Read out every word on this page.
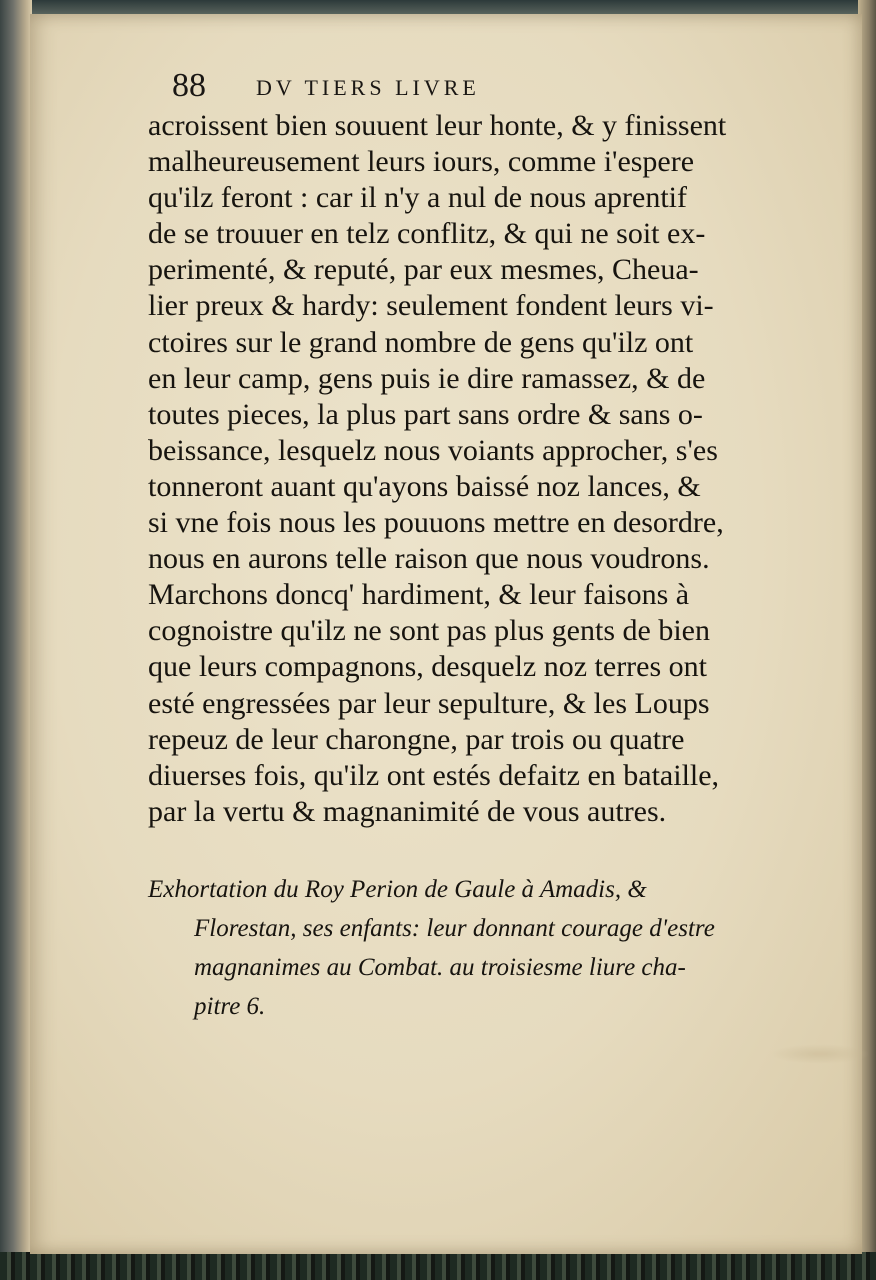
88 DV TIERS LIVRE
acroissent bien souuent leur honte, & y finissent
malheureusement leurs iours, comme i'espere
qu'ilz feront : car il n'y a nul de nous aprentif
de se trouuer en telz conflitz, & qui ne soit ex-
perimenté, & reputé, par eux mesmes, Cheua-
lier preux & hardy: seulement fondent leurs vi-
ctoires sur le grand nombre de gens qu'ilz ont
en leur camp, gens puis ie dire ramassez, & de
toutes pieces, la plus part sans ordre & sans o-
beissance, lesquelz nous voiants approcher, s'es
tonneront auant qu'ayons baissé noz lances, &
si vne fois nous les pouuons mettre en desordre,
nous en aurons telle raison que nous voudrons.
Marchons doncq' hardiment, & leur faisons à
cognoistre qu'ilz ne sont pas plus gents de bien
que leurs compagnons, desquelz noz terres ont
esté engressées par leur sepulture, & les Loups
repeuz de leur charongne, par trois ou quatre
diuerses fois, qu'ilz ont estés defaitz en bataille,
par la vertu & magnanimité de vous autres.
Exhortation du Roy Perion de Gaule à Amadis, &
Florestan, ses enfants: leur donnant courage d'estre
magnanimes au Combat. au troisiesme liure cha-
pitre 6.
